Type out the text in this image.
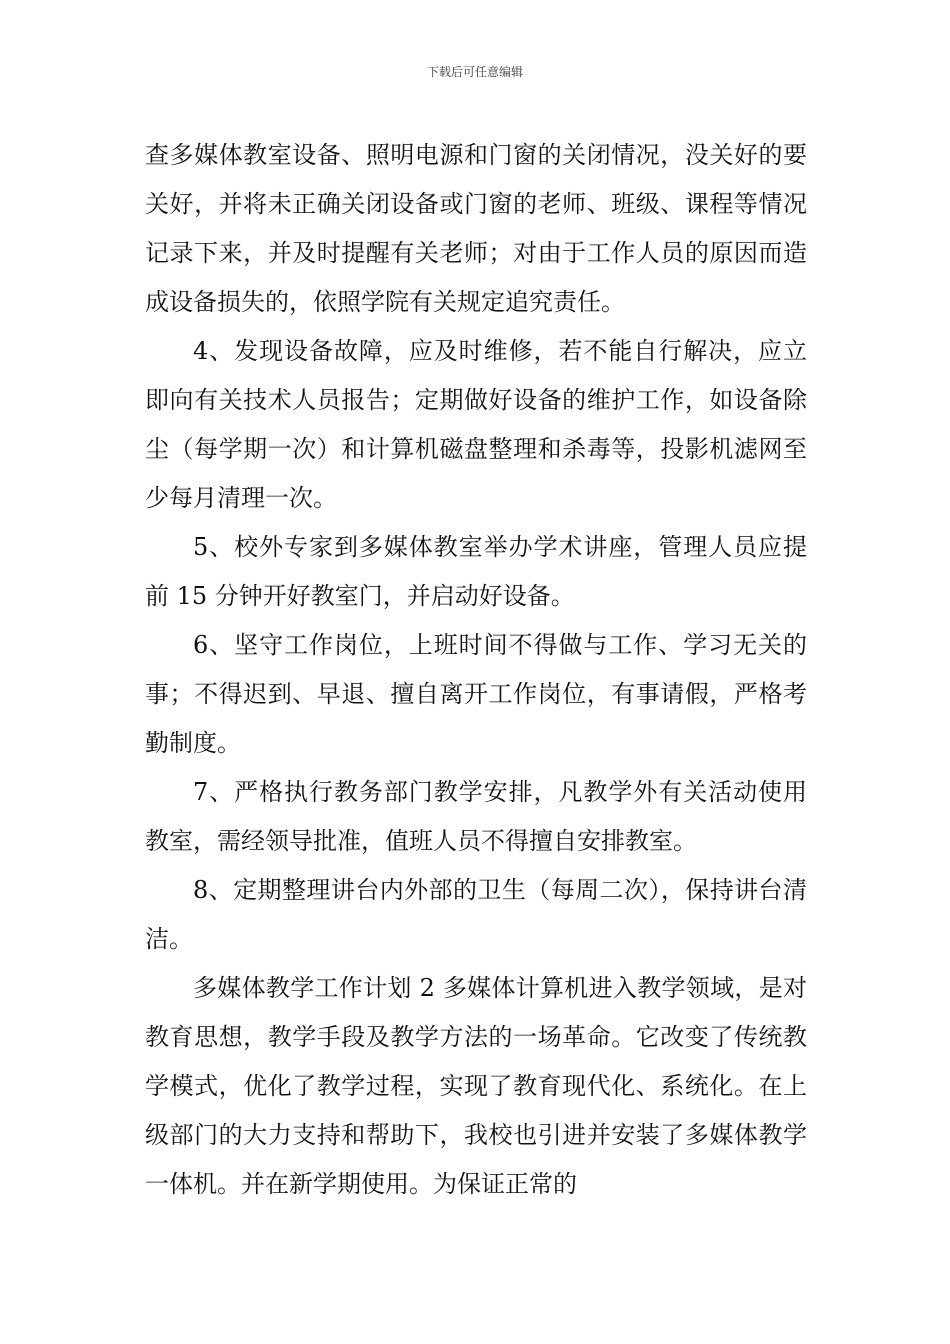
下载后可任意编辑

查多媒体教室设备、照明电源和门窗的关闭情况，没关好的要关好，并将未正确关闭设备或门窗的老师、班级、课程等情况记录下来，并及时提醒有关老师；对由于工作人员的原因而造成设备损失的，依照学院有关规定追究责任。

4、发现设备故障，应及时维修，若不能自行解决，应立即向有关技术人员报告；定期做好设备的维护工作，如设备除尘（每学期一次）和计算机磁盘整理和杀毒等，投影机滤网至少每月清理一次。

5、校外专家到多媒体教室举办学术讲座，管理人员应提前 15 分钟开好教室门，并启动好设备。

6、坚守工作岗位，上班时间不得做与工作、学习无关的事；不得迟到、早退、擅自离开工作岗位，有事请假，严格考勤制度。

7、严格执行教务部门教学安排，凡教学外有关活动使用教室，需经领导批准，值班人员不得擅自安排教室。

8、定期整理讲台内外部的卫生（每周二次），保持讲台清洁。

多媒体教学工作计划 2 多媒体计算机进入教学领域，是对教育思想，教学手段及教学方法的一场革命。它改变了传统教学模式，优化了教学过程，实现了教育现代化、系统化。在上级部门的大力支持和帮助下，我校也引进并安装了多媒体教学一体机。并在新学期使用。为保证正常的
